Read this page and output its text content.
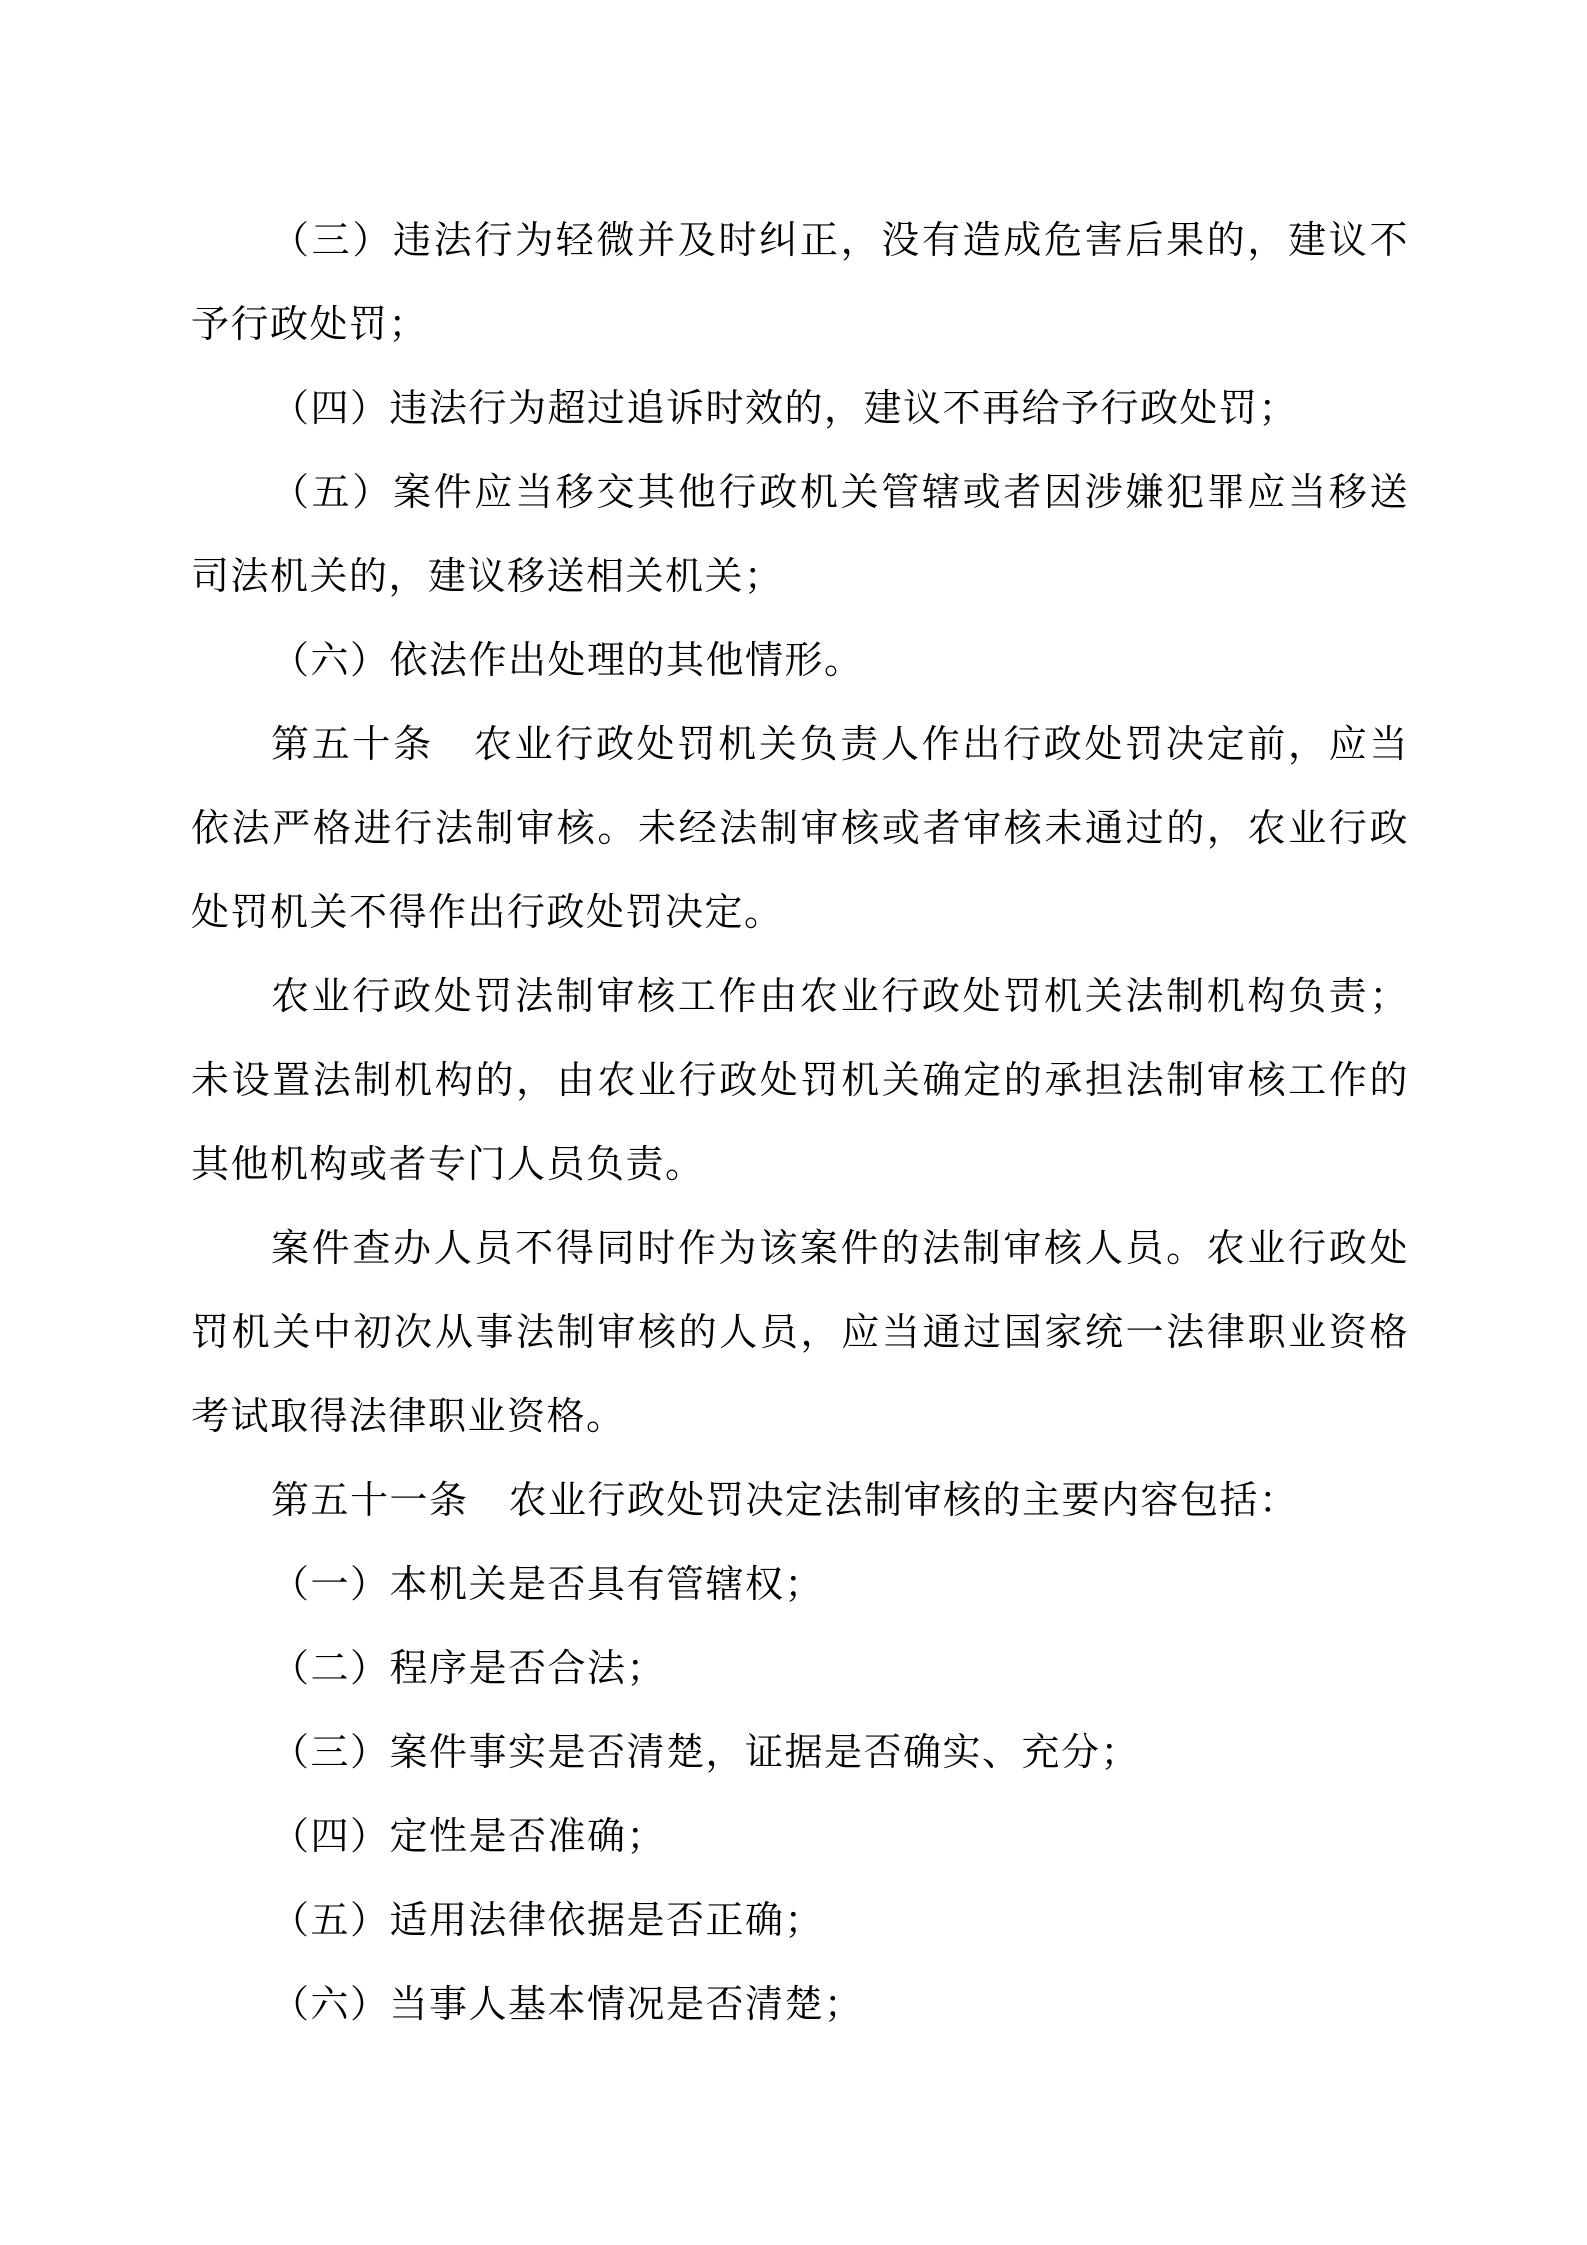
（三）违法行为轻微并及时纠正，没有造成危害后果的，建议不予行政处罚；

（四）违法行为超过追诉时效的，建议不再给予行政处罚；

（五）案件应当移交其他行政机关管辖或者因涉嫌犯罪应当移送司法机关的，建议移送相关机关；

（六）依法作出处理的其他情形。

第五十条 农业行政处罚机关负责人作出行政处罚决定前，应当依法严格进行法制审核。未经法制审核或者审核未通过的，农业行政处罚机关不得作出行政处罚决定。

农业行政处罚法制审核工作由农业行政处罚机关法制机构负责；未设置法制机构的，由农业行政处罚机关确定的承担法制审核工作的其他机构或者专门人员负责。

案件查办人员不得同时作为该案件的法制审核人员。农业行政处罚机关中初次从事法制审核的人员，应当通过国家统一法律职业资格考试取得法律职业资格。

第五十一条 农业行政处罚决定法制审核的主要内容包括：

（一）本机关是否具有管辖权；

（二）程序是否合法；

（三）案件事实是否清楚，证据是否确实、充分；

（四）定性是否准确；

（五）适用法律依据是否正确；

（六）当事人基本情况是否清楚；
